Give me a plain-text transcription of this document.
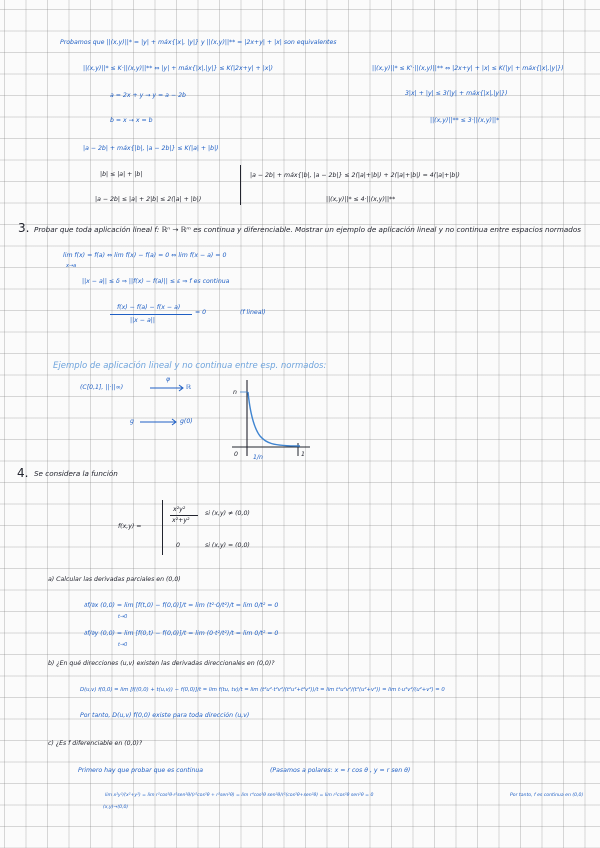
Probamos que ||(x,y)||* = |y| + máx{|x|, |y|} y ||(x,y)||** = |2x+y| + |x| son equivalentes
||(x,y)||* ≤ K·||(x,y)||** ⇔ |y| + máx{|x|,|y|} ≤ K(|2x+y| + |x|)	||(x,y)||* ≤ K'·||(x,y)||** ⇔ |2x+y| + |x| ≤ K(|y| + máx{|x|,|y|})
a = 2x + y → y = a − 2b
b = x → x = b
|a − 2b| + máx{|b|, |a − 2b|} ≤ K(|a| + |b|)
3|x| + |y| ≤ 3(|y| + máx{|x|,|y|})
||(x,y)||** ≤ 3·||(x,y)||*
|b| ≤ |a| + |b|
|a − 2b| ≤ |a| + 2|b| ≤ 2(|a| + |b|)
|a − 2b| + máx{|b|, |a − 2b|} ≤ 2(|a|+|b|) + 2(|a|+|b|) = 4(|a|+|b|)
||(x,y)||* ≤ 4·||(x,y)||**
3. Probar que toda aplicación lineal f: ℝⁿ → ℝᵐ es continua y diferenciable. Mostrar un ejemplo de aplicación lineal y no continua entre espacios normados
lim f(x) = f(a) ⇔ lim f(x) − f(a) = 0 ⇔ lim f(x − a) = 0
x→a
||x − a|| ≤ δ ⇒ ||f(x) − f(a)|| ≤ ε ⇒ f es continua
f(x) − f(a) − f(x − a)
||x − a||
= 0	(f lineal)
Ejemplo de aplicación lineal y no continua entre esp. normados:
(C[0,1], ||·||∞)
φ
ℝ
g	g(0)
n
0 1/n	1
4. Se considera la función
f(x,y) =
x²y²
x²+y²
si (x,y) ≠ (0,0)
0	si (x,y) = (0,0)
a) Calcular las derivadas parciales en (0,0)
∂f/∂x (0,0) = lim [f(t,0) − f(0,0)]/t = lim (t²·0/t²)/t = lim 0/t² = 0
t→0
∂f/∂y (0,0) = lim [f(0,t) − f(0,0)]/t = lim (0·t²/t²)/t = lim 0/t² = 0
t→0
b) ¿En qué direcciones (u,v) existen las derivadas direccionales en (0,0)?
D(u,v) f(0,0) = lim [f((0,0) + t(u,v)) − f(0,0)]/t = lim f(tu, tv)/t = lim (t²u²·t²v²/(t²u²+t²v²))/t = lim t⁴u²v²/(t³(u²+v²)) = lim t·u²v²/(u²+v²) = 0
Por tanto, D(u,v) f(0,0) existe para toda dirección (u,v)
c) ¿Es f diferenciable en (0,0)?
Primero hay que probar que es continua	(Pasamos a polares: x = r cos θ , y = r sen θ)
lim x²y²/(x²+y²) = lim r²cos²θ·r²sen²θ/(r²cos²θ + r²sen²θ) = lim r⁴cos²θ sen²θ/r²(cos²θ+sen²θ) = lim r²cos²θ sen²θ = 0
(x,y)→(0,0)
Por tanto, f es continua en (0,0)
